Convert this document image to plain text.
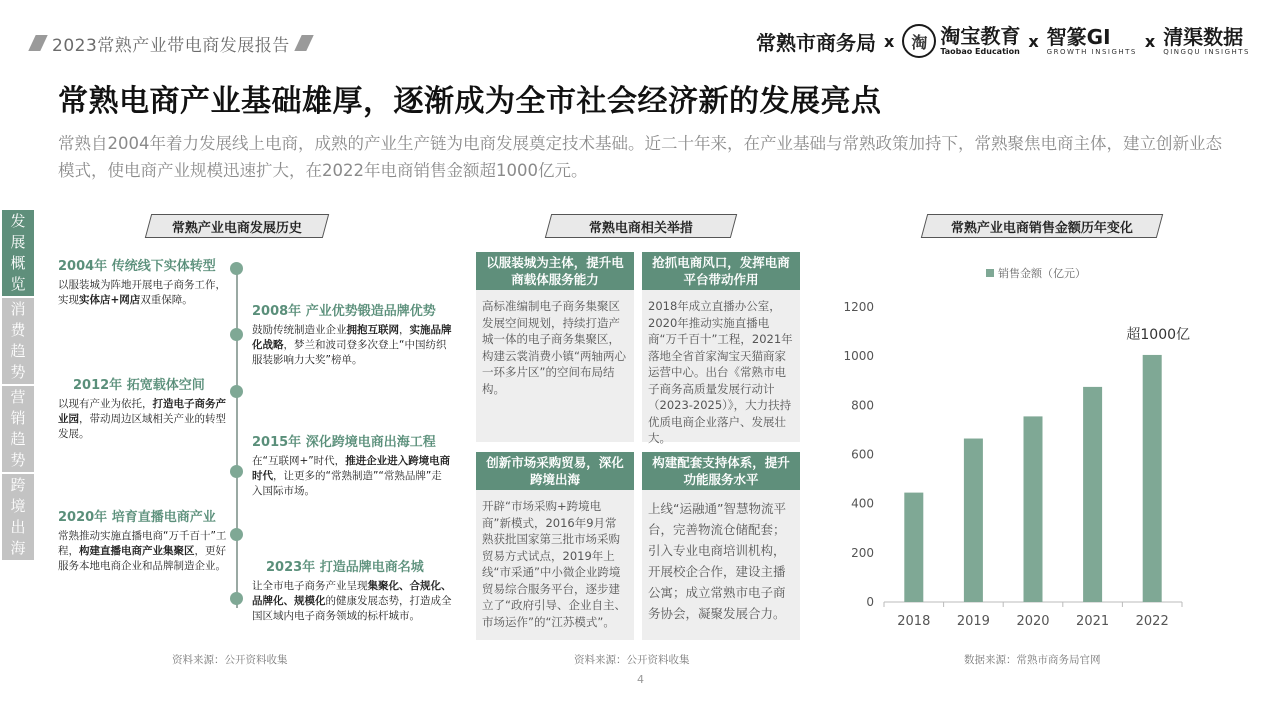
2023常熟产业带电商发展报告	常熟市商务局 x	淘 淘宝教育
Taobao Education
x 智篆GI
GROWTH INSIGHTS
x 清渠数据
QINGQU INSIGHTS
常熟电商产业基础雄厚，逐渐成为全市社会经济新的发展亮点
常熟自2004年着力发展线上电商，成熟的产业生产链为电商发展奠定技术基础。近二十年来，在产业基础与常熟政策加持下，常熟聚焦电商主体，建立创新业态模式，使电商产业规模迅速扩大，在2022年电商销售金额超1000亿元。
发展概览
消费趋势
营销趋势
跨境出海
常熟产业电商发展历史	常熟电商相关举措	常熟产业电商销售金额历年变化
2004年 传统线下实体转型
以服装城为阵地开展电子商务工作，实现实体店+网店双重保障。
2008年 产业优势锻造品牌优势
鼓励传统制造业企业拥抱互联网，实施品牌化战略，梦兰和波司登多次登上“中国纺织服装影响力大奖”榜单。
2012年 拓宽载体空间
以现有产业为依托，打造电子商务产业园，带动周边区域相关产业的转型发展。
2015年 深化跨境电商出海工程
在“互联网+”时代，推进企业进入跨境电商时代，让更多的“常熟制造”“常熟品牌”走入国际市场。
2020年 培育直播电商产业
常熟推动实施直播电商“万千百十”工程，构建直播电商产业集聚区，更好服务本地电商企业和品牌制造企业。	2023年 打造品牌电商名城
让全市电子商务产业呈现集聚化、合规化、品牌化、规模化的健康发展态势，打造成全国区域内电子商务领域的标杆城市。
资料来源：公开资料收集
以服装城为主体，提升电商载体服务能力
高标准编制电子商务集聚区发展空间规划，持续打造产城一体的电子商务集聚区，构建云裳消费小镇“两轴两心一环多片区”的空间布局结构。
抢抓电商风口，发挥电商平台带动作用
2018年成立直播办公室，2020年推动实施直播电商“万千百十”工程，2021年落地全省首家淘宝天猫商家运营中心。出台《常熟市电子商务高质量发展行动计（2023-2025）》，大力扶持优质电商企业落户、发展壮大。
创新市场采购贸易，深化跨境出海
开辟“市场采购+跨境电商”新模式，2016年9月常熟获批国家第三批市场采购贸易方式试点，2019年上线“市采通”中小微企业跨境贸易综合服务平台，逐步建立了“政府引导、企业自主、市场运作”的“江苏模式”。
构建配套支持体系，提升功能服务水平
上线“运融通”智慧物流平台，完善物流仓储配套；引入专业电商培训机构，开展校企合作，建设主播公寓；成立常熟市电子商务协会，凝聚发展合力。
资料来源：公开资料收集
销售金额（亿元）
0
200
400
600
800
1000
1200
2018 2019 2020 2021 2022
超1000亿
数据来源：常熟市商务局官网
4
